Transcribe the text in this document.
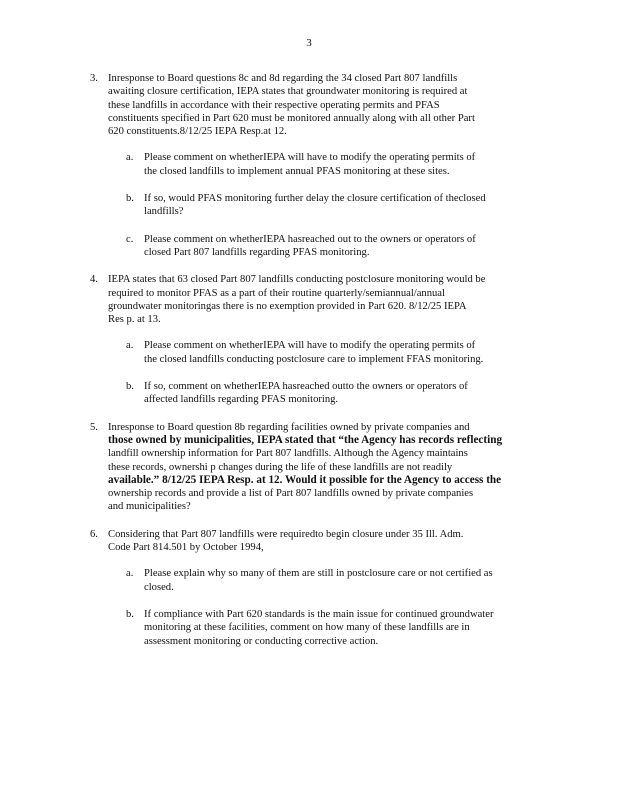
3
3. Inresponse to Board questions 8c and 8d regarding the 34 closed Part 807 landfills
awaiting closure certification, IEPA states that groundwater monitoring is required at
these landfills in accordance with their respective operating permits and PFAS
constituents specified in Part 620 must be monitored annually along with all other Part
620 constituents.8/12/25 IEPA Resp.at 12.
a. Please comment on whetherIEPA will have to modify the operating permits of
the closed landfills to implement annual PFAS monitoring at these sites.
b. If so, would PFAS monitoring further delay the closure certification of theclosed
landfills?
c. Please comment on whetherIEPA hasreached out to the owners or operators of
closed Part 807 landfills regarding PFAS monitoring.
4. IEPA states that 63 closed Part 807 landfills conducting postclosure monitoring would be
required to monitor PFAS as a part of their routine quarterly/semiannual/annual
groundwater monitoringas there is no exemption provided in Part 620. 8/12/25 IEPA
Res p. at 13.
a. Please comment on whetherIEPA will have to modify the operating permits of
the closed landfills conducting postclosure care to implement FFAS monitoring.
b. If so, comment on whetherIEPA hasreached outto the owners or operators of
affected landfills regarding PFAS monitoring.
5. Inresponse to Board question 8b regarding facilities owned by private companies and
those owned by municipalities, IEPA stated that “the Agency has records reflecting
landfill ownership information for Part 807 landfills. Although the Agency maintains
these records, ownershi p changes during the life of these landfills are not readily
available.” 8/12/25 IEPA Resp. at 12. Would it possible for the Agency to access the
ownership records and provide a list of Part 807 landfills owned by private companies
and municipalities?
6. Considering that Part 807 landfills were requiredto begin closure under 35 Ill. Adm.
Code Part 814.501 by October 1994,
a. Please explain why so many of them are still in postclosure care or not certified as
closed.
b. If compliance with Part 620 standards is the main issue for continued groundwater
monitoring at these facilities, comment on how many of these landfills are in
assessment monitoring or conducting corrective action.
